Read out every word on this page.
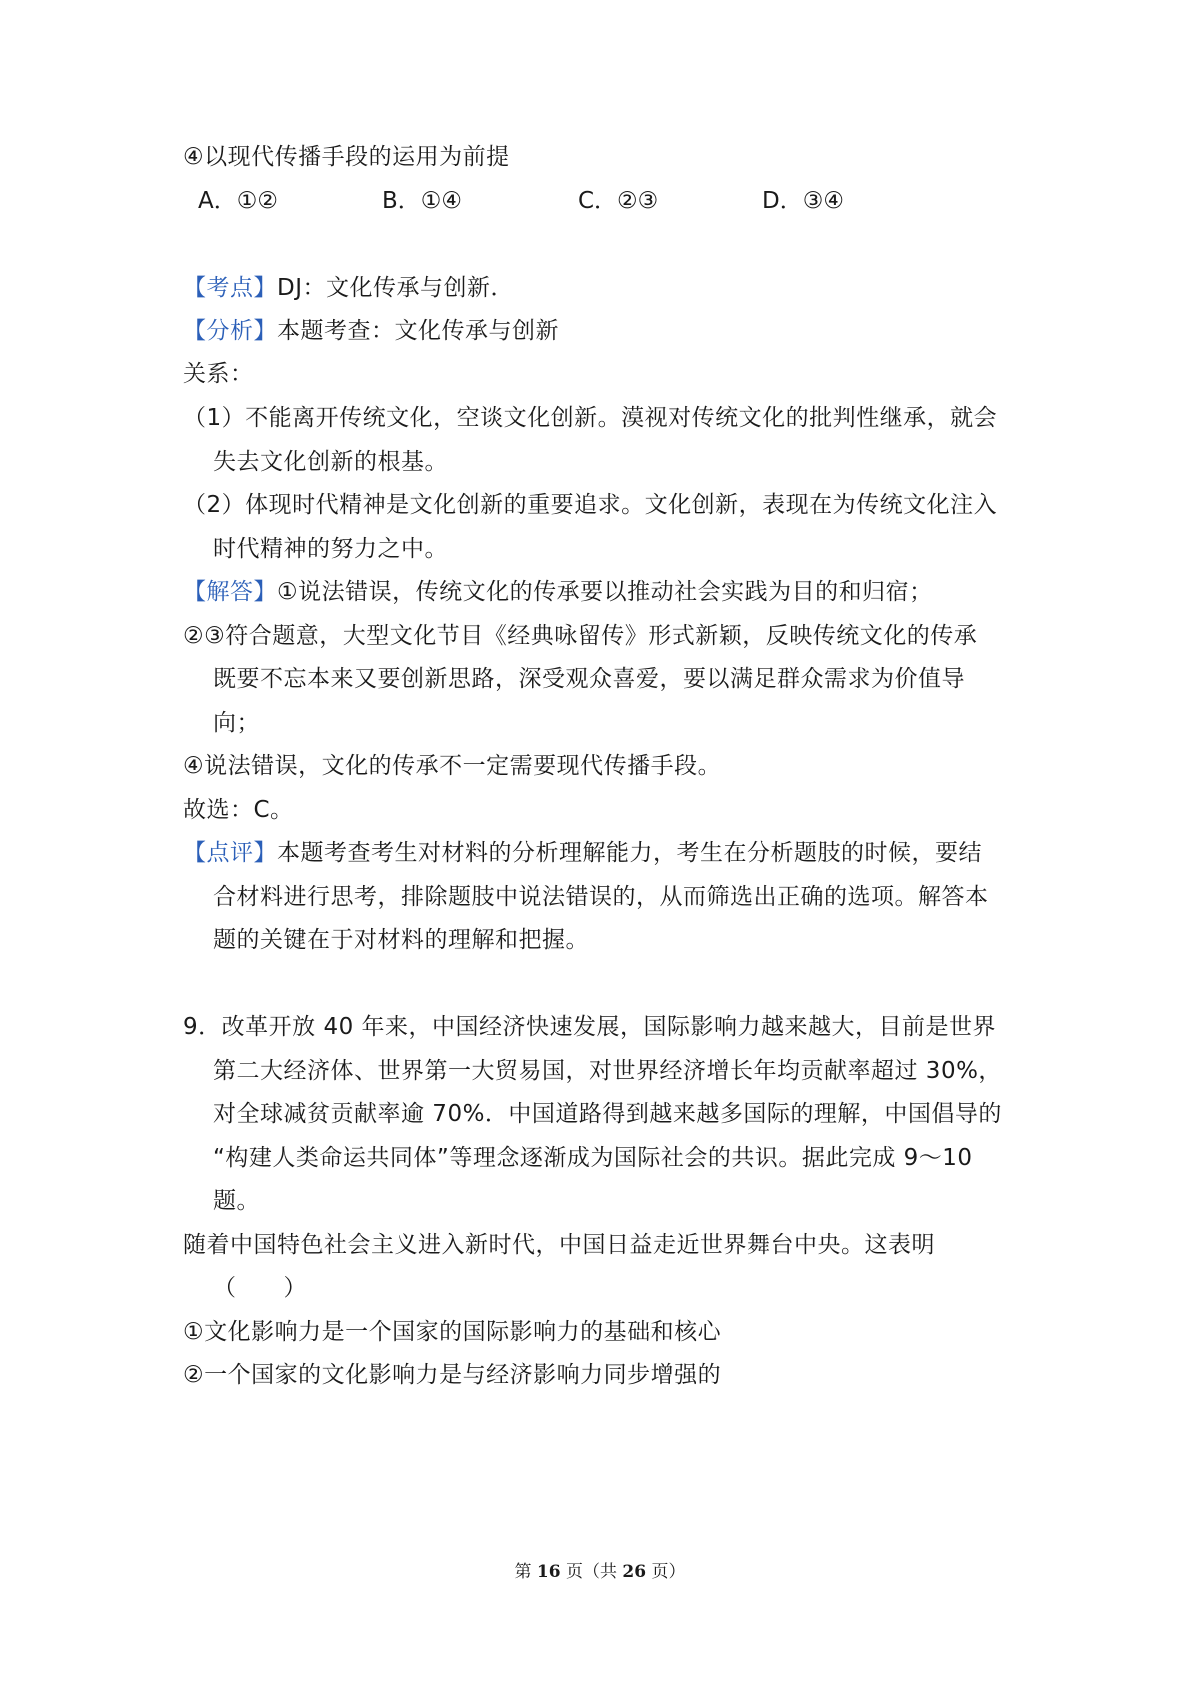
④以现代传播手段的运用为前提
A．①②	B．①④	C．②③	D．③④
【考点】DJ：文化传承与创新．
【分析】本题考查：文化传承与创新
关系：
（1）不能离开传统文化，空谈文化创新。漠视对传统文化的批判性继承，就会
失去文化创新的根基。
（2）体现时代精神是文化创新的重要追求。文化创新，表现在为传统文化注入
时代精神的努力之中。
【解答】①说法错误，传统文化的传承要以推动社会实践为目的和归宿；
②③符合题意，大型文化节目《经典咏留传》形式新颖，反映传统文化的传承
既要不忘本来又要创新思路，深受观众喜爱，要以满足群众需求为价值导
向；
④说法错误，文化的传承不一定需要现代传播手段。
故选：C。
【点评】本题考查考生对材料的分析理解能力，考生在分析题肢的时候，要结
合材料进行思考，排除题肢中说法错误的，从而筛选出正确的选项。解答本
题的关键在于对材料的理解和把握。
9．改革开放 40 年来，中国经济快速发展，国际影响力越来越大，目前是世界
第二大经济体、世界第一大贸易国，对世界经济增长年均贡献率超过 30%，
对全球减贫贡献率逾 70%．中国道路得到越来越多国际的理解，中国倡导的
“构建人类命运共同体”等理念逐渐成为国际社会的共识。据此完成 9～10
题。
随着中国特色社会主义进入新时代，中国日益走近世界舞台中央。这表明
（　　）
①文化影响力是一个国家的国际影响力的基础和核心
②一个国家的文化影响力是与经济影响力同步增强的
第 16 页（共 26 页）
